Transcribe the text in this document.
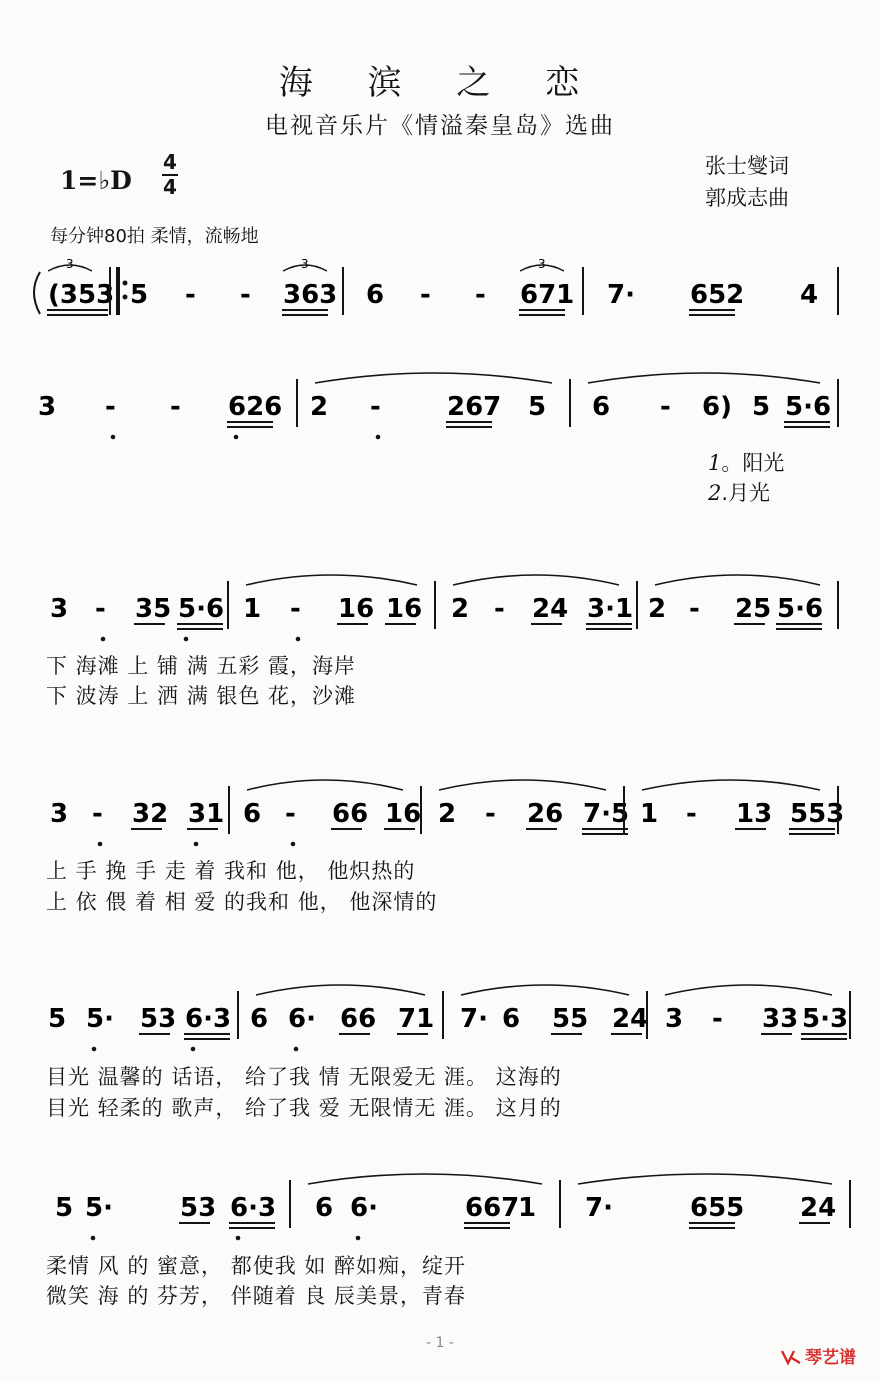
海 滨 之 恋
电视音乐片《情溢秦皇岛》选曲
1=♭D
4
4
张士燮词
郭成志曲
每分钟80拍 柔情，流畅地
(353 5 - - 363 6 - - 671 7· 652 4
3 - - 626 2 -	267 5 6 - 6) 5 5·6
3 - 35 5·6 1 - 16 16 2 - 24 3·1 2 - 25 5·6
3 - 32 31 6 - 66 16 2 - 26 7·5 1 - 13 553
5 5· 53 6·3 6 6· 66 71 7· 6 55 24 3 - 33 5·3
5 5·	53 6·3 6 6·	667
1 7·	655 24
3	3	3
1。阳光
2.月光
下 海滩 上 铺 满 五彩 霞，海岸
下 波涛 上 洒 满 银色 花，沙滩
上 手 挽 手 走 着 我和 他， 他炽热的
上 依 偎 着 相 爱 的我和 他， 他深情的
目光 温馨的 话语， 给了我 情 无限爱无 涯。 这海的
目光 轻柔的 歌声， 给了我 爱 无限情无 涯。 这月的
柔情 风 的 蜜意， 都使我 如 醉如痴，绽开
微笑 海 的 芬芳， 伴随着 良 辰美景，青春
- 1 -
琴艺谱
